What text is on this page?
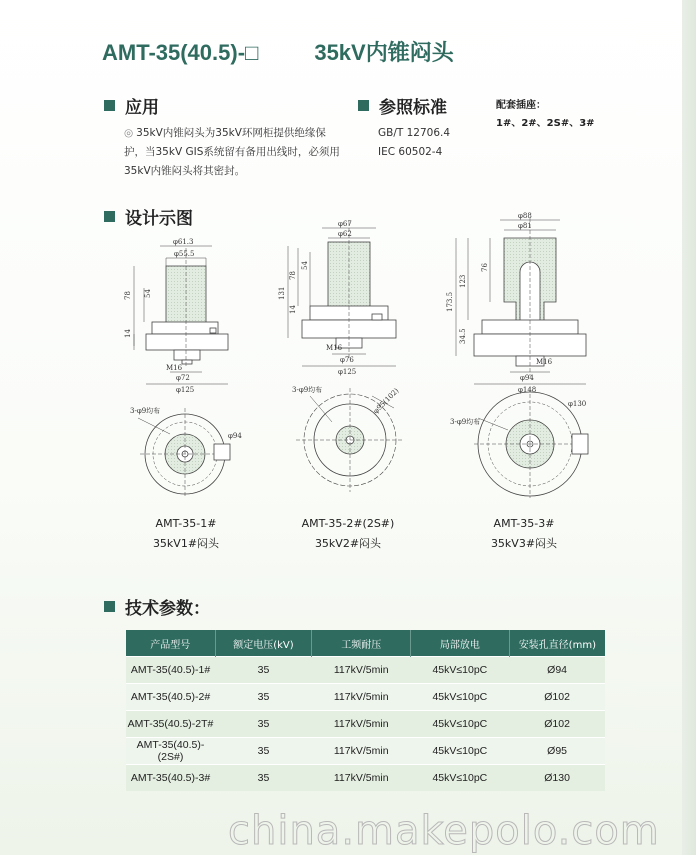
AMT-35(40.5)-□	35kV内锥闷头
应用
◎ 35kV内锥闷头为35kV环网柜提供绝缘保护，当35kV GIS系统留有备用出线时，必须用35kV内锥闷头将其密封。
参照标准
GB/T 12706.4
IEC 60502-4
配套插座：
1#、2#、2S#、3#
设计示图
φ61.3
φ55.5
78 54
14
M16
φ72
φ125
3-φ9均布
φ94
φ67
φ62
131
78
54
14
M16
φ76
φ125
3-φ9均布	φ95(102)
φ88
φ81
173.5
123
76
34.5
M16
φ94
φ148
3-φ9均布
φ130
AMT-35-1#
35kV1#闷头
AMT-35-2#(2S#)
35kV2#闷头
AMT-35-3#
35kV3#闷头
技术参数：
产品型号	额定电压(kV)	工频耐压	局部放电	安装孔直径(mm)
AMT-35(40.5)-1#	35	117kV/5min	45kV≤10pC	Ø94
AMT-35(40.5)-2#	35	117kV/5min	45kV≤10pC	Ø102
AMT-35(40.5)-2T#	35	117kV/5min	45kV≤10pC	Ø102
AMT-35(40.5)-(2S#)	35	117kV/5min	45kV≤10pC	Ø95
AMT-35(40.5)-3#	35	117kV/5min	45kV≤10pC	Ø130
china.makepolo.com
